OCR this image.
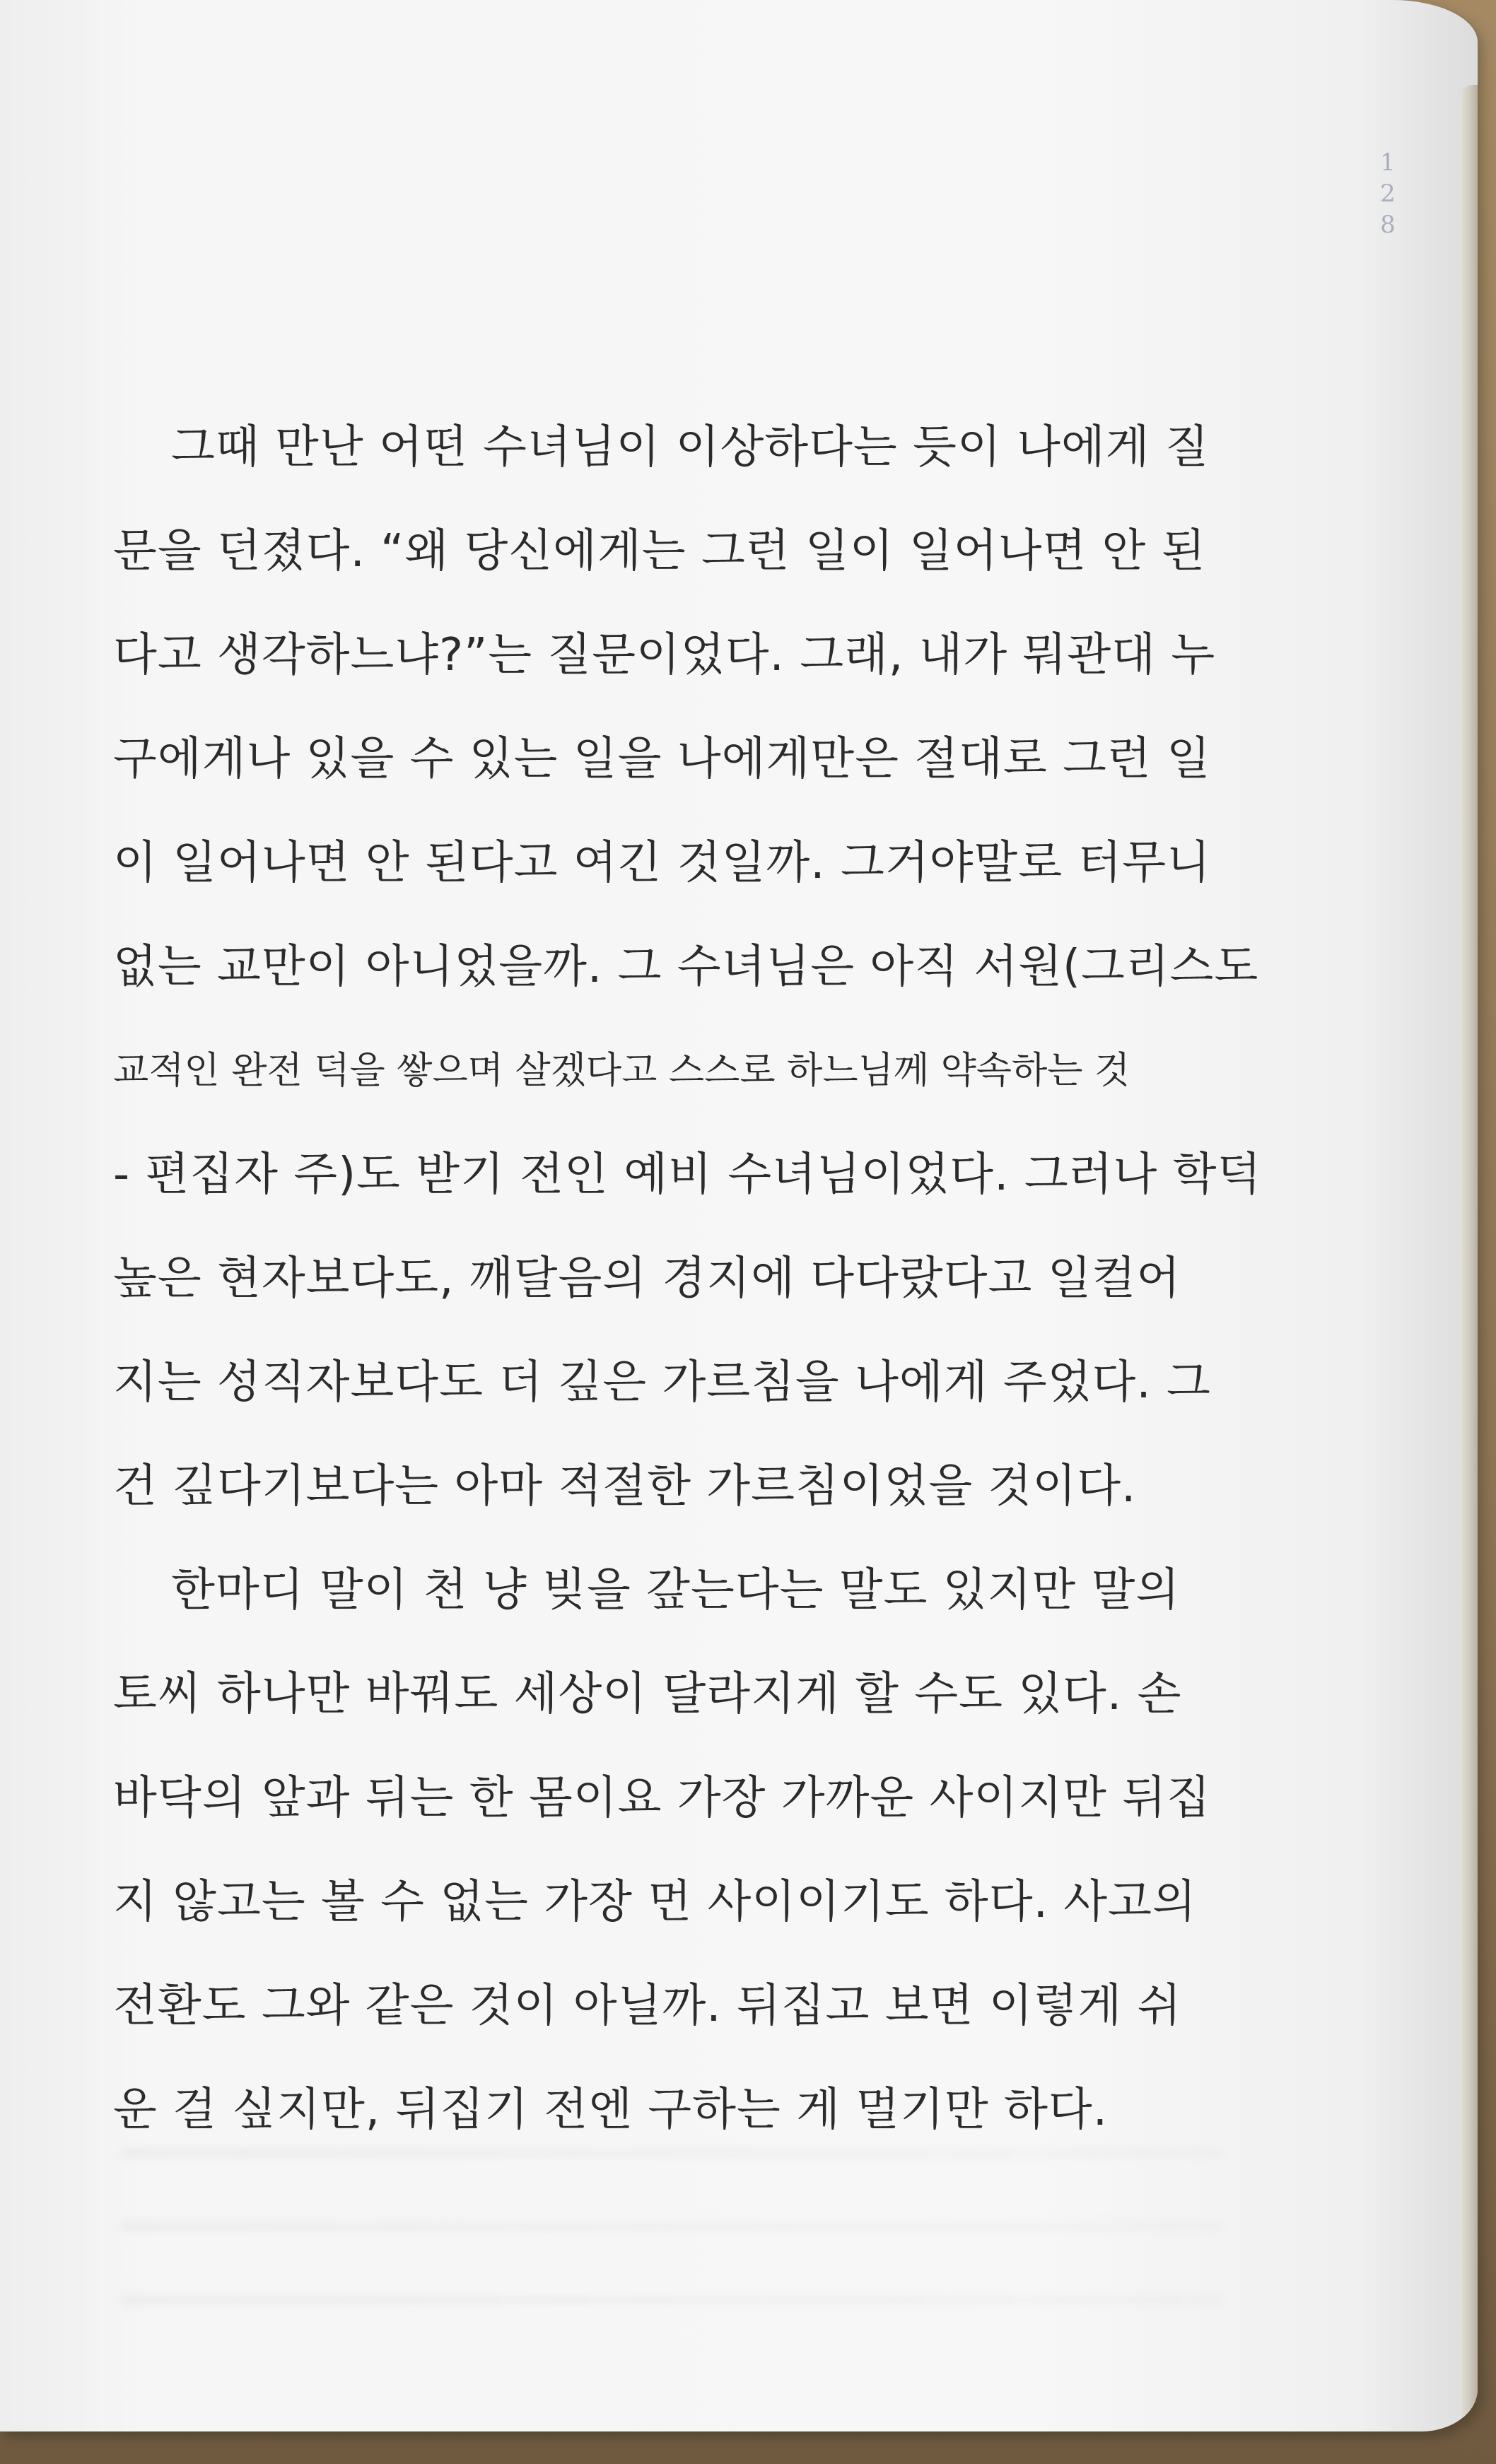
128
그때 만난 어떤 수녀님이 이상하다는 듯이 나에게 질
문을 던졌다. “왜 당신에게는 그런 일이 일어나면 안 된
다고 생각하느냐?”는 질문이었다. 그래, 내가 뭐관대 누
구에게나 있을 수 있는 일을 나에게만은 절대로 그런 일
이 일어나면 안 된다고 여긴 것일까. 그거야말로 터무니
없는 교만이 아니었을까. 그 수녀님은 아직 서원(그리스도
교적인 완전 덕을 쌓으며 살겠다고 스스로 하느님께 약속하는 것
- 편집자 주)도 받기 전인 예비 수녀님이었다. 그러나 학덕
높은 현자보다도, 깨달음의 경지에 다다랐다고 일컬어
지는 성직자보다도 더 깊은 가르침을 나에게 주었다. 그
건 깊다기보다는 아마 적절한 가르침이었을 것이다.
한마디 말이 천 냥 빚을 갚는다는 말도 있지만 말의
토씨 하나만 바꿔도 세상이 달라지게 할 수도 있다. 손
바닥의 앞과 뒤는 한 몸이요 가장 가까운 사이지만 뒤집
지 않고는 볼 수 없는 가장 먼 사이이기도 하다. 사고의
전환도 그와 같은 것이 아닐까. 뒤집고 보면 이렇게 쉬
운 걸 싶지만, 뒤집기 전엔 구하는 게 멀기만 하다.
